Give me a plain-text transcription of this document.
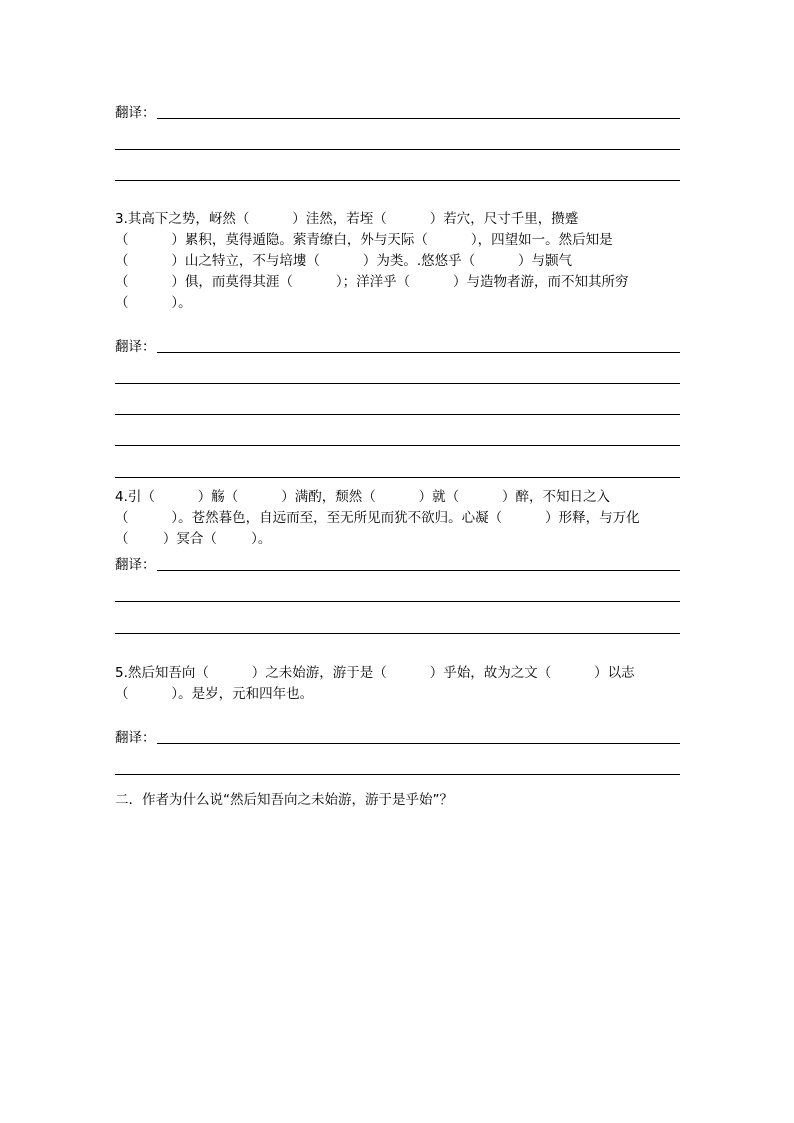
翻译：
3.其高下之势，岈然（          ）洼然，若垤（          ）若穴，尺寸千里，攒蹙
（          ）累积，莫得遁隐。萦青缭白，外与天际（          ），四望如一。然后知是
（          ）山之特立，不与培塿（          ）为类。.悠悠乎（          ）与颢气
（          ）俱，而莫得其涯（          ）；洋洋乎（          ）与造物者游，而不知其所穷
（          ）。
翻译：
4.引（          ）觞（          ）满酌，颓然（          ）就（          ）醉，不知日之入
（          ）。苍然暮色，自远而至，至无所见而犹不欲归。心凝（          ）形释，与万化
（        ）冥合（        ）。
翻译：
5.然后知吾向（          ）之未始游，游于是（          ）乎始，故为之文（          ）以志
（          ）。是岁，元和四年也。
翻译：
二．作者为什么说“然后知吾向之未始游，游于是乎始”？
